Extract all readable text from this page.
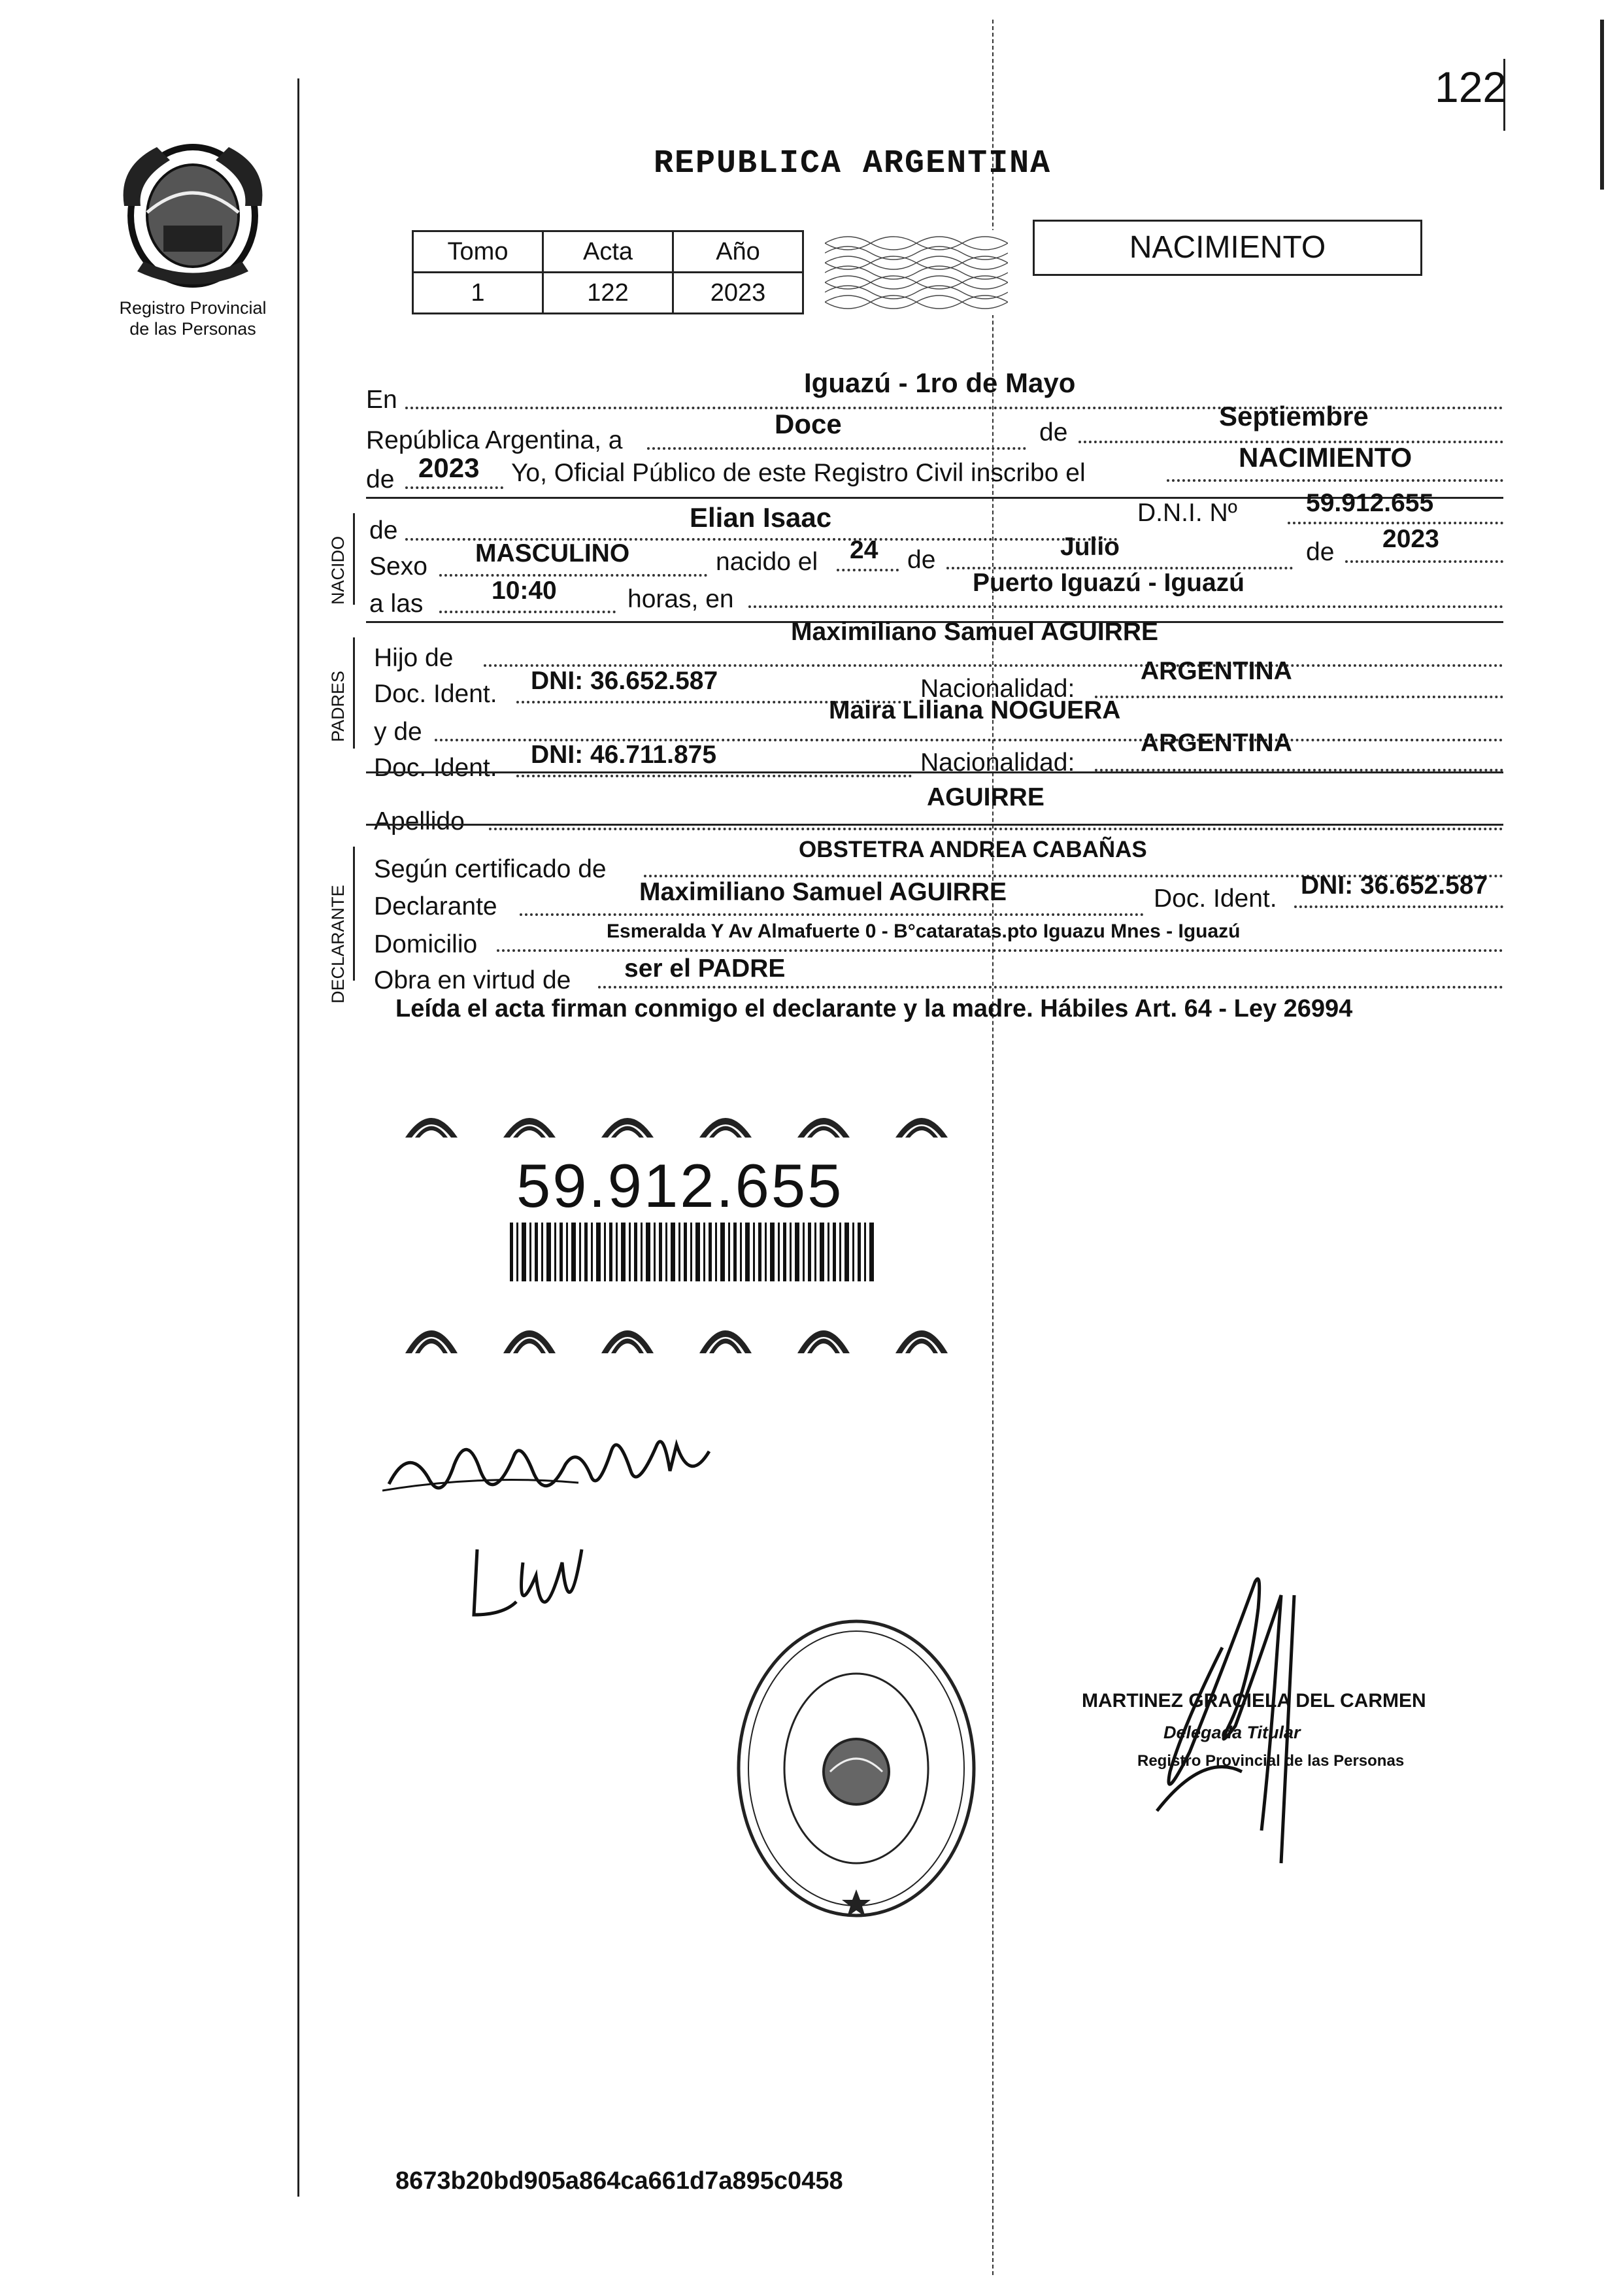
122
Registro Provincial
de las Personas
REPUBLICA ARGENTINA
Tomo	Acta	Año
1	122	2023
NACIMIENTO
En
Iguazú - 1ro de Mayo
República Argentina, a
Doce	de
Septiembre
de 2023 Yo, Oficial Público de este Registro Civil inscribo el
NACIMIENTO
NACIDO
de	Elian Isaac	D.N.I. Nº	59.912.655
Sexo MASCULINO	nacido el 24 de	Julio	de 2023
a las	10:40	horas, en
Puerto Iguazú - Iguazú
PADRES
Hijo de
Maximiliano Samuel AGUIRRE
Doc. Ident. DNI: 36.652.587	Nacionalidad:
ARGENTINA
y de
Maira Liliana NOGUERA
Doc. Ident. DNI: 46.711.875	Nacionalidad:
ARGENTINA
Apellido
AGUIRRE
DECLARANTE
Según certificado de
OBSTETRA ANDREA CABAÑAS
Declarante
Maximiliano Samuel AGUIRRE	Doc. Ident. DNI: 36.652.587
Domicilio	Esmeralda Y Av Almafuerte 0 - B°cataratas.pto Iguazu Mnes - Iguazú
Obra en virtud de ser el PADRE
Leída el acta firman conmigo el declarante y la madre. Hábiles Art. 64 - Ley 26994
59.912.655
MARTINEZ GRACIELA DEL CARMEN
Delegada Titular
Registro Provincial de las Personas
8673b20bd905a864ca661d7a895c0458
